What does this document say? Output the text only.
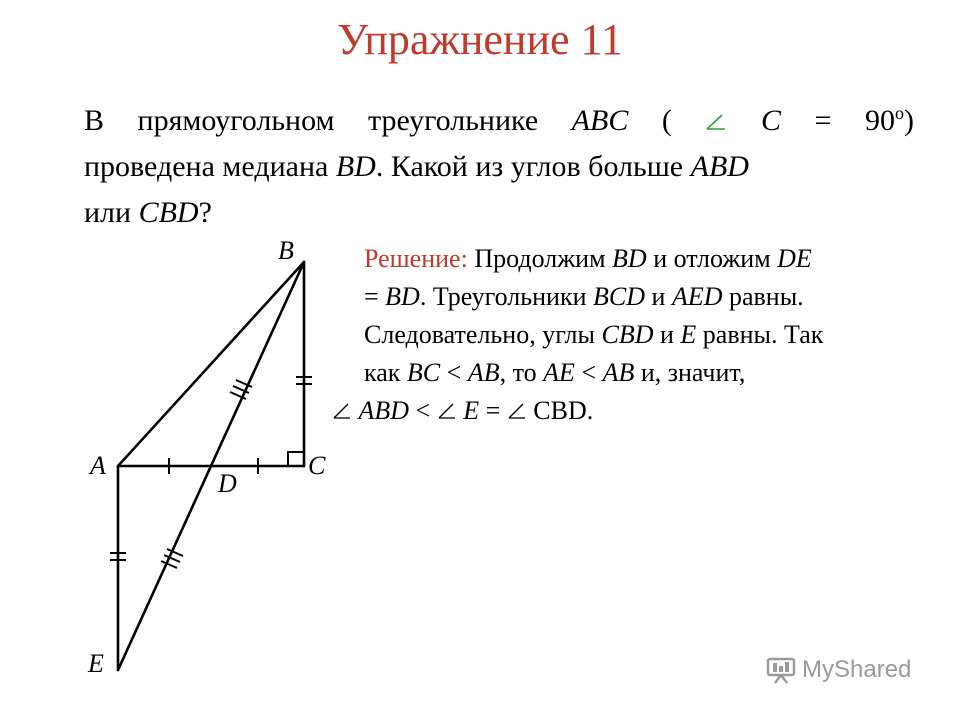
Упражнение 11
В прямоугольном треугольнике ABC (  $C = 90^о$)
проведена медиана BD. Какой из углов больше ABD
или CBD?
Решение: Продолжим BD и отложим DE
= BD. Треугольники BCD и AED равны.
Следовательно, углы CBD и E равны. Так
как BC < AB, то AE < AB и, значит,
ABD <  E =  CBD.
B
A	C
D
E	MyShared
